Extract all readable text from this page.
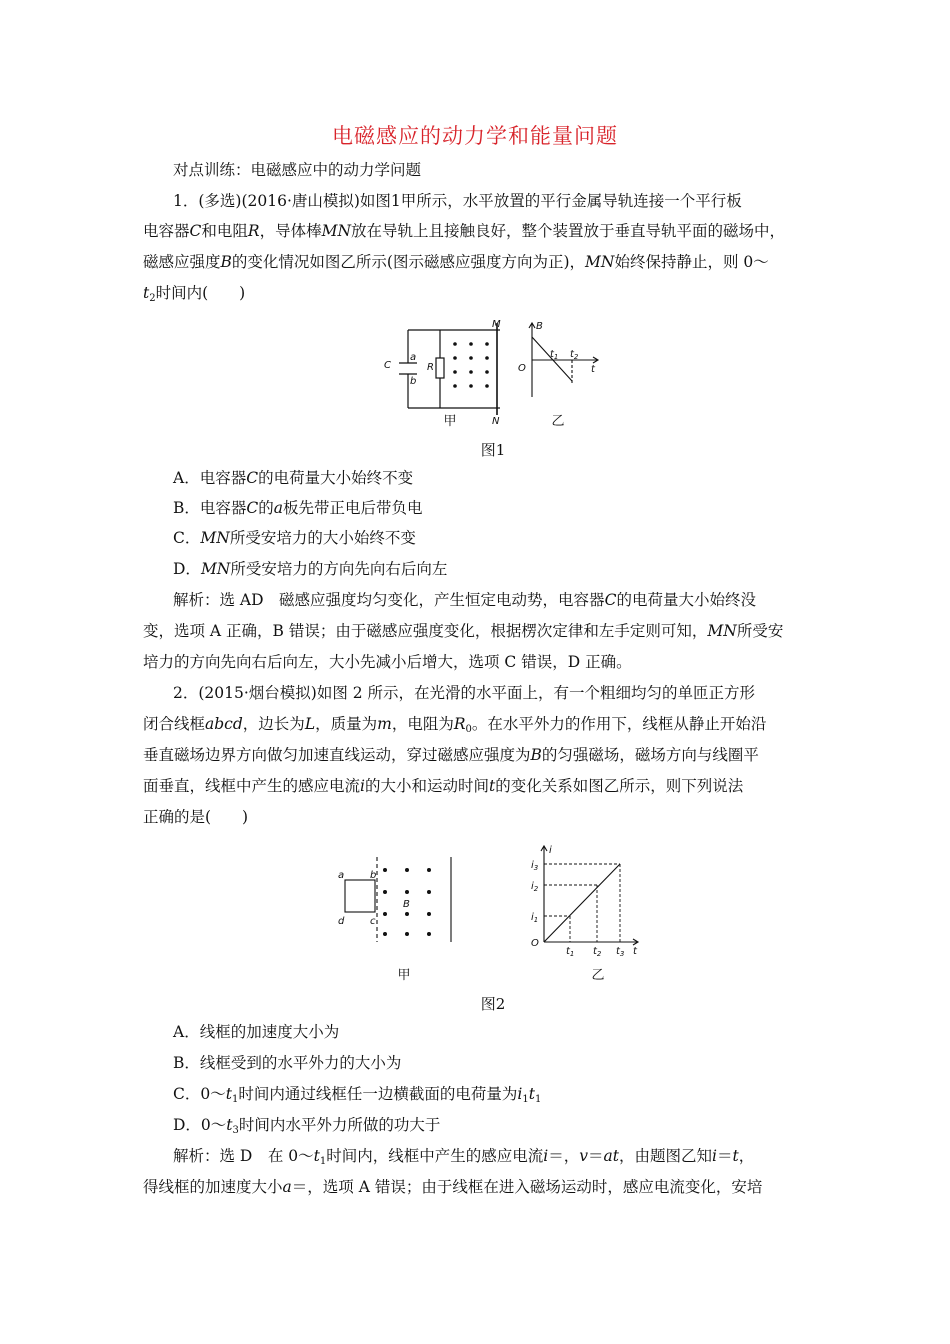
电磁感应的动力学和能量问题
对点训练：电磁感应中的动力学问题
1．(多选)(2016·唐山模拟)如图1甲所示，水平放置的平行金属导轨连接一个平行板
电容器C和电阻R，导体棒MN放在导轨上且接触良好，整个装置放于垂直导轨平面的磁场中，
磁感应强度B的变化情况如图乙所示(图示磁感应强度方向为正)，MN始终保持静止，则 0～
$t_2$时间内(　　)
C
a
b
R
M
N
B
O
$t_1$ $t_2$
t
甲	乙
图1
A．电容器C的电荷量大小始终不变
B．电容器C的a板先带正电后带负电
C．MN所受安培力的大小始终不变
D．MN所受安培力的方向先向右后向左
解析：选 AD　磁感应强度均匀变化，产生恒定电动势，电容器C的电荷量大小始终没
变，选项 A 正确，B 错误；由于磁感应强度变化，根据楞次定律和左手定则可知，MN所受安
培力的方向先向右后向左，大小先减小后增大，选项 C 错误，D 正确。
2．(2015·烟台模拟)如图 2 所示，在光滑的水平面上，有一个粗细均匀的单匝正方形
闭合线框abcd，边长为L，质量为m，电阻为$R_0$。在水平外力的作用下，线框从静止开始沿
垂直磁场边界方向做匀加速直线运动，穿过磁感应强度为B的匀强磁场，磁场方向与线圈平
面垂直，线框中产生的感应电流i的大小和运动时间t的变化关系如图乙所示，则下列说法
正确的是(　　)
a	b
c
d
B
i
$i_3$
$i_2$
$i_1$
O
$t_1$ $t_2$ $t_3$ t
甲	乙
图2
A．线框的加速度大小为
B．线框受到的水平外力的大小为
C．$0\sim t_1$时间内通过线框任一边横截面的电荷量为$i_1t_1$
D．$0\sim t_3$时间内水平外力所做的功大于
解析：选 D　在 $0\sim t_1$时间内，线框中产生的感应电流i＝，v＝at，由题图乙知i＝t，
得线框的加速度大小a＝，选项 A 错误；由于线框在进入磁场运动时，感应电流变化，安培
